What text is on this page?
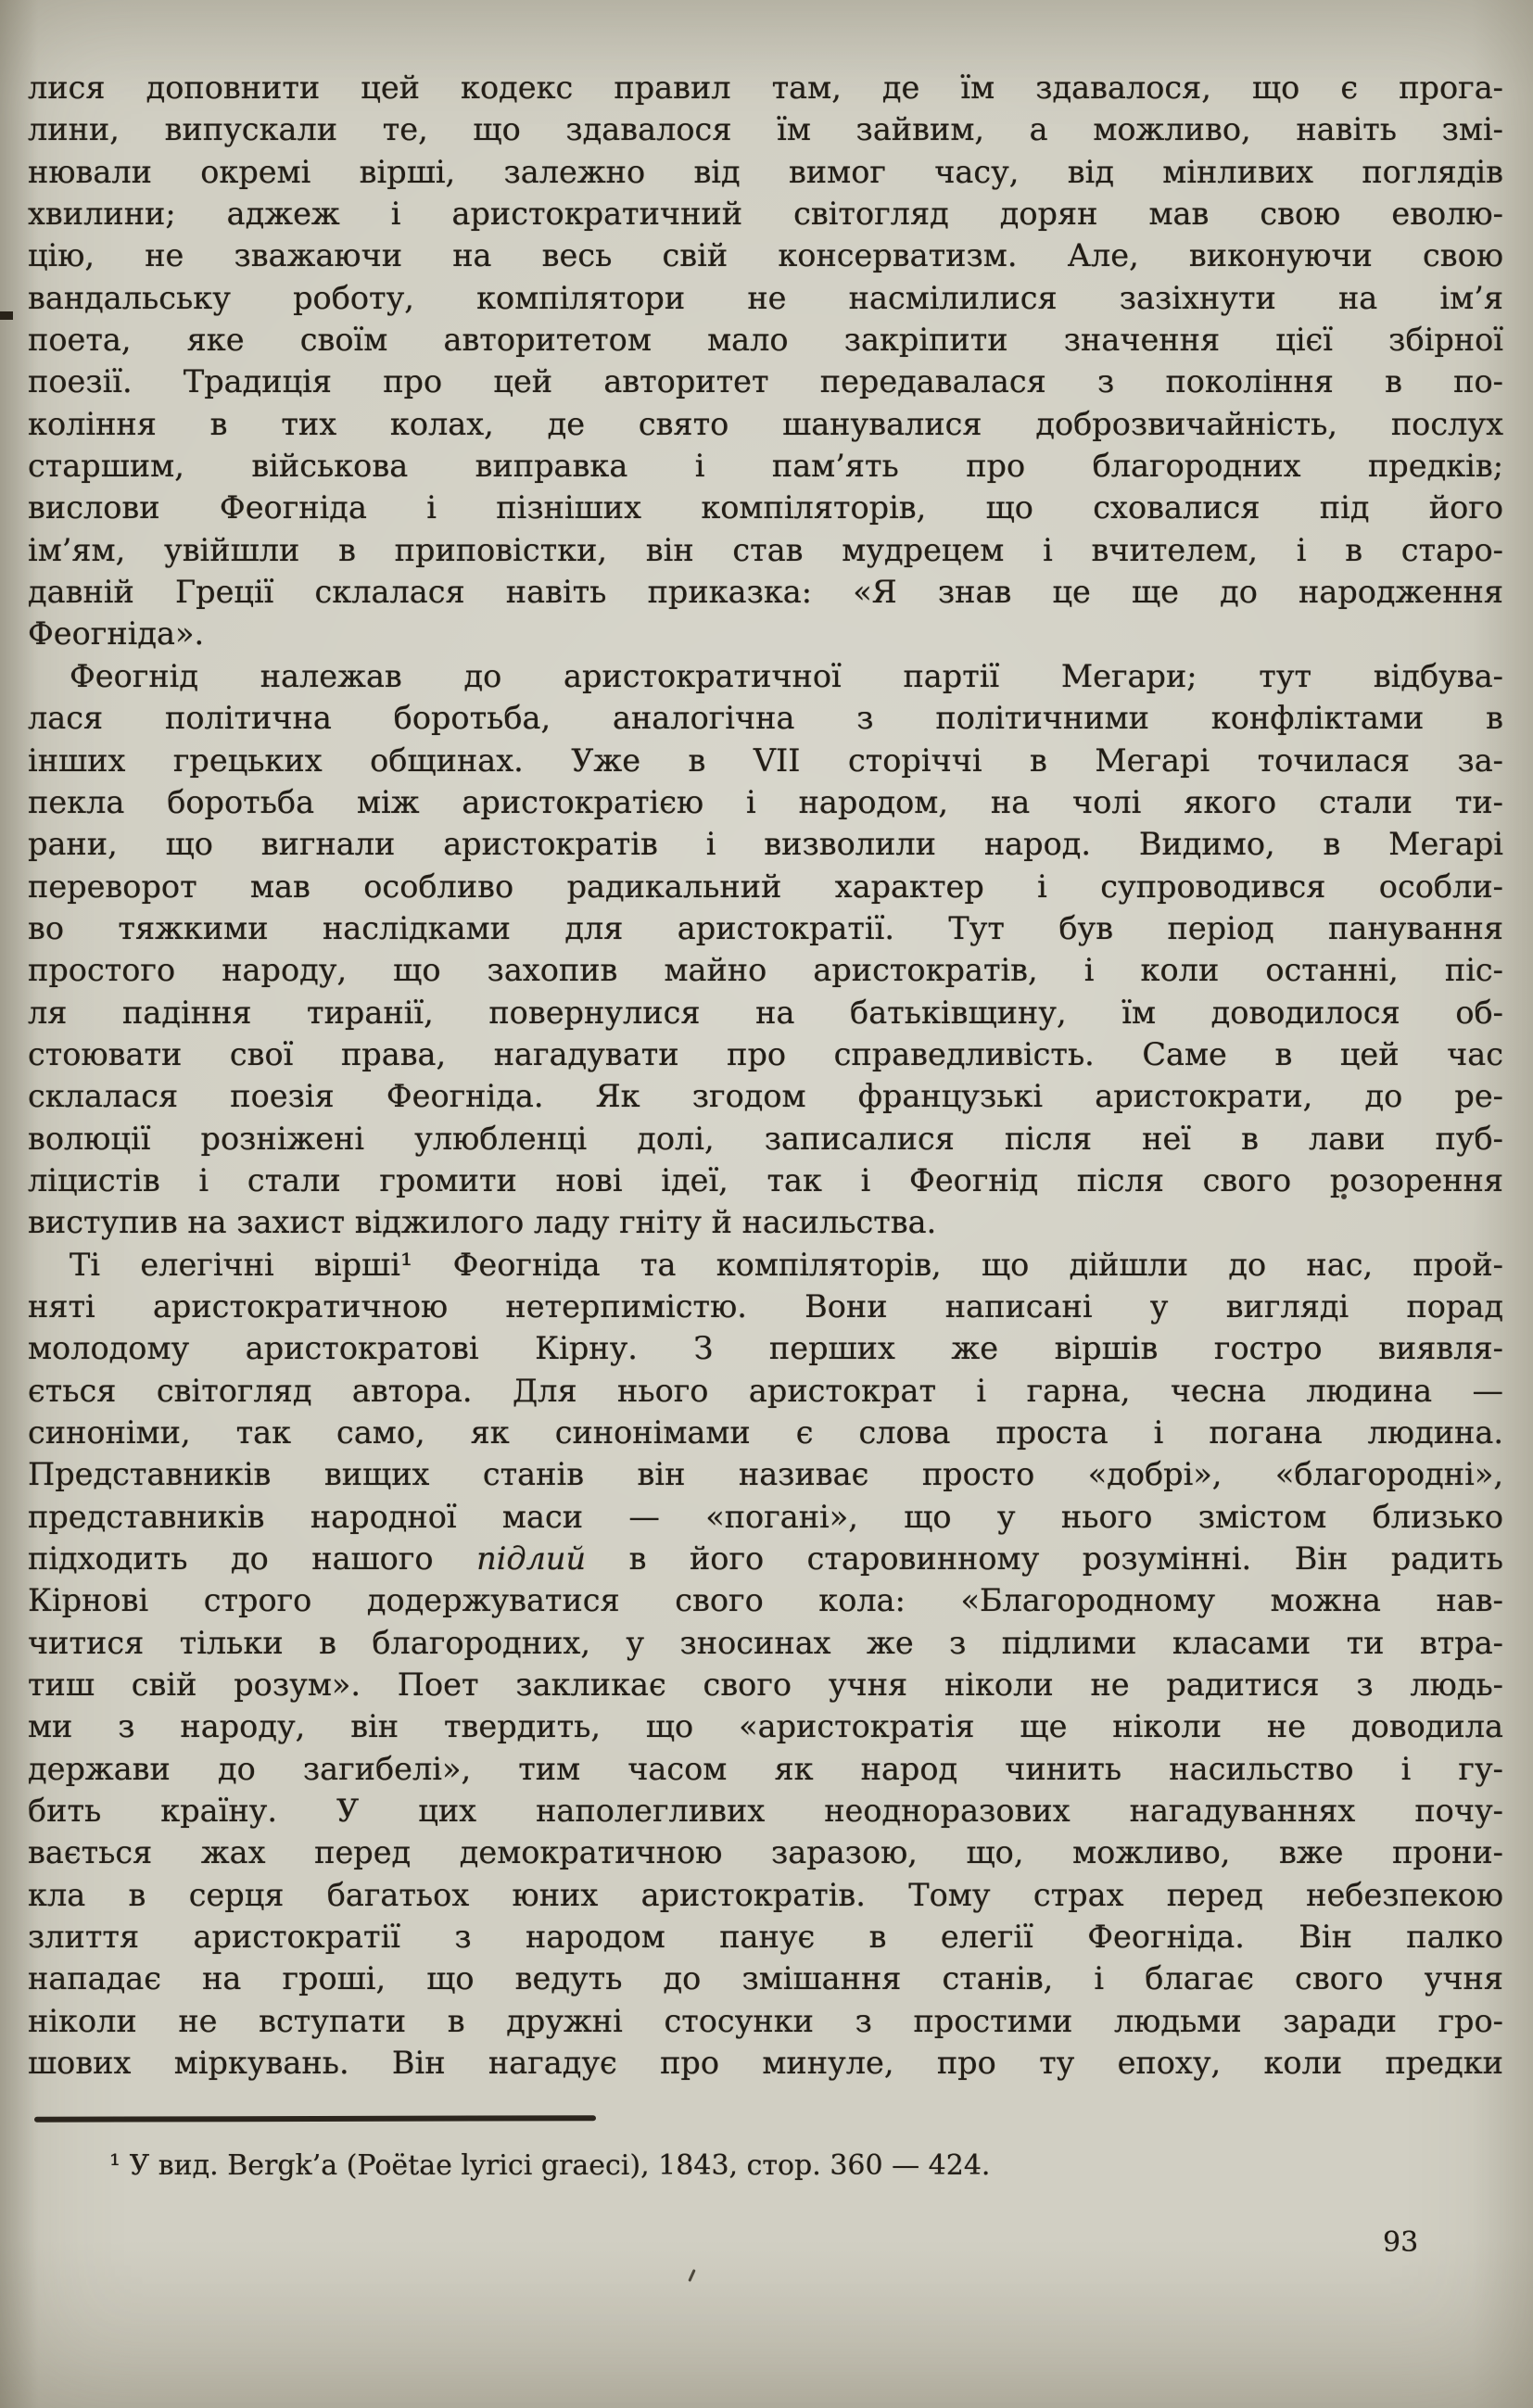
лися доповнити цей кодекс правил там, де їм здавалося, що є прога-
лини, випускали те, що здавалося їм зайвим, а можливо, навіть змі-
нювали окремі вірші, залежно від вимог часу, від мінливих поглядів
хвилини; аджеж і аристократичний світогляд дорян мав свою еволю-
цію, не зважаючи на весь свій консерватизм. Але, виконуючи свою
вандальську роботу, компілятори не насмілилися зазіхнути на ім’я
поета, яке своїм авторитетом мало закріпити значення цієї збірної
поезії. Традиція про цей авторитет передавалася з покоління в по-
коління в тих колах, де свято шанувалися доброзвичайність, послух
старшим, військова виправка і пам’ять про благородних предків;
вислови Феогніда і пізніших компіляторів, що сховалися під його
ім’ям, увійшли в приповістки, він став мудрецем і вчителем, і в старо-
давній Греції склалася навіть приказка: «Я знав це ще до народження
Феогніда».
Феогнід належав до аристократичної партії Мегари; тут відбува-
лася політична боротьба, аналогічна з політичними конфліктами в
інших грецьких общинах. Уже в VII сторіччі в Мегарі точилася за-
пекла боротьба між аристократією і народом, на чолі якого стали ти-
рани, що вигнали аристократів і визволили народ. Видимо, в Мегарі
переворот мав особливо радикальний характер і супроводився особли-
во тяжкими наслідками для аристократії. Тут був період панування
простого народу, що захопив майно аристократів, і коли останні, піс-
ля падіння тиранії, повернулися на батьківщину, їм доводилося об-
стоювати свої права, нагадувати про справедливість. Саме в цей час
склалася поезія Феогніда. Як згодом французькі аристократи, до ре-
волюції розніжені улюбленці долі, записалися після неї в лави пуб-
ліцистів і стали громити нові ідеї, так і Феогнід після свого розорення
виступив на захист віджилого ладу гніту й насильства.
Ті елегічні вірші¹ Феогніда та компіляторів, що дійшли до нас, прой-
няті аристократичною нетерпимістю. Вони написані у вигляді порад
молодому аристократові Кірну. З перших же віршів гостро виявля-
ється світогляд автора. Для нього аристократ і гарна, чесна людина —
синоніми, так само, як синонімами є слова проста і погана людина.
Представників вищих станів він називає просто «добрі», «благородні»,
представників народної маси — «погані», що у нього змістом близько
підходить до нашого підлий в його старовинному розумінні. Він радить
Кірнові строго додержуватися свого кола: «Благородному можна нав-
читися тільки в благородних, у зносинах же з підлими класами ти втра-
тиш свій розум». Поет закликає свого учня ніколи не радитися з людь-
ми з народу, він твердить, що «аристократія ще ніколи не доводила
держави до загибелі», тим часом як народ чинить насильство і гу-
бить країну. У цих наполегливих неодноразових нагадуваннях почу-
вається жах перед демократичною заразою, що, можливо, вже прони-
кла в серця багатьох юних аристократів. Тому страх перед небезпекою
злиття аристократії з народом панує в елегії Феогніда. Він палко
нападає на гроші, що ведуть до змішання станів, і благає свого учня
ніколи не вступати в дружні стосунки з простими людьми заради гро-
шових міркувань. Він нагадує про минуле, про ту епоху, коли предки
¹ У вид. Bergk’a (Poëtae lyrici graeci), 1843, стор. 360 — 424.
93
